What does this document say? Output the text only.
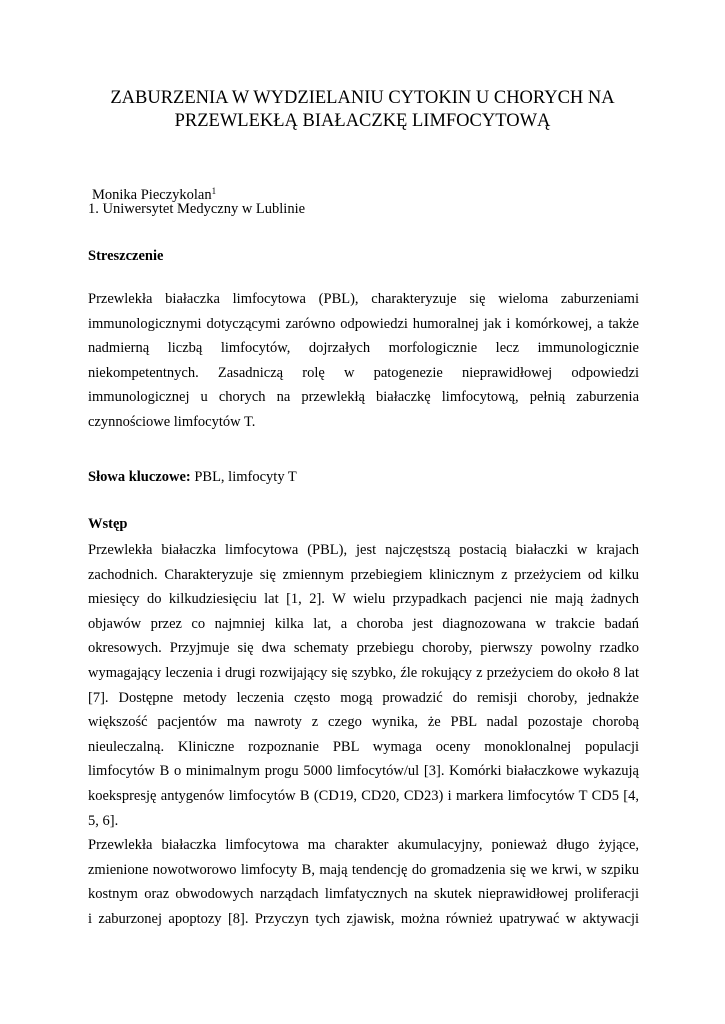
ZABURZENIA W WYDZIELANIU CYTOKIN U CHORYCH NA
PRZEWLEKŁĄ BIAŁACZKĘ LIMFOCYTOWĄ
Monika Pieczykolan$^1$
1. Uniwersytet Medyczny w Lublinie
Streszczenie
Przewlekła białaczka limfocytowa (PBL), charakteryzuje się wieloma zaburzeniami
immunologicznymi dotyczącymi zarówno odpowiedzi humoralnej jak i komórkowej, a także
nadmierną liczbą limfocytów, dojrzałych morfologicznie lecz immunologicznie
niekompetentnych. Zasadniczą rolę w patogenezie nieprawidłowej odpowiedzi
immunologicznej u chorych na przewlekłą białaczkę limfocytową, pełnią zaburzenia
czynnościowe limfocytów T.
Słowa kluczowe: PBL, limfocyty T
Wstęp
Przewlekła białaczka limfocytowa (PBL), jest najczęstszą postacią białaczki w krajach
zachodnich. Charakteryzuje się zmiennym przebiegiem klinicznym z przeżyciem od kilku
miesięcy do kilkudziesięciu lat [1, 2]. W wielu przypadkach pacjenci nie mają żadnych
objawów przez co najmniej kilka lat, a choroba jest diagnozowana w trakcie badań
okresowych. Przyjmuje się dwa schematy przebiegu choroby, pierwszy powolny rzadko
wymagający leczenia i drugi rozwijający się szybko, źle rokujący z przeżyciem do około 8 lat
[7]. Dostępne metody leczenia często mogą prowadzić do remisji choroby, jednakże
większość pacjentów ma nawroty z czego wynika, że PBL nadal pozostaje chorobą
nieuleczalną. Kliniczne rozpoznanie PBL wymaga oceny monoklonalnej populacji
limfocytów B o minimalnym progu 5000 limfocytów/ul [3]. Komórki białaczkowe wykazują
koekspresję antygenów limfocytów B (CD19, CD20, CD23) i markera limfocytów T CD5 [4,
5, 6].
Przewlekła białaczka limfocytowa ma charakter akumulacyjny, ponieważ długo żyjące,
zmienione nowotworowo limfocyty B, mają tendencję do gromadzenia się we krwi, w szpiku
kostnym oraz obwodowych narządach limfatycznych na skutek nieprawidłowej proliferacji
i zaburzonej apoptozy [8]. Przyczyn tych zjawisk, można również upatrywać w aktywacji
